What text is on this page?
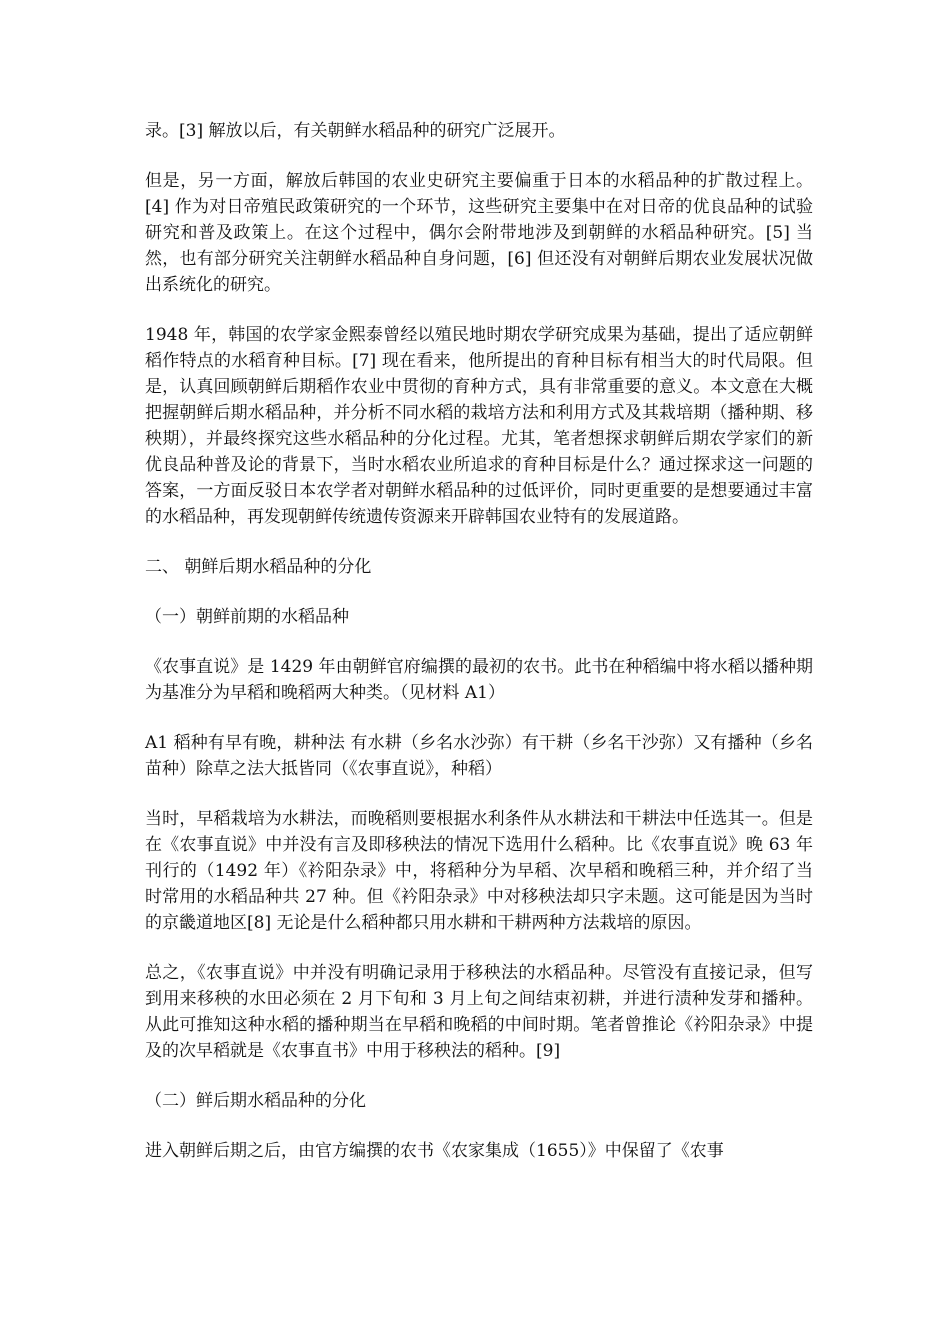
录。[3] 解放以后，有关朝鲜水稻品种的研究广泛展开。

但是，另一方面，解放后韩国的农业史研究主要偏重于日本的水稻品种的扩散过程上。[4] 作为对日帝殖民政策研究的一个环节，这些研究主要集中在对日帝的优良品种的试验研究和普及政策上。在这个过程中，偶尔会附带地涉及到朝鲜的水稻品种研究。[5] 当然，也有部分研究关注朝鲜水稻品种自身问题，[6] 但还没有对朝鲜后期农业发展状况做出系统化的研究。

1948 年，韩国的农学家金熙泰曾经以殖民地时期农学研究成果为基础，提出了适应朝鲜稻作特点的水稻育种目标。[7] 现在看来，他所提出的育种目标有相当大的时代局限。但是，认真回顾朝鲜后期稻作农业中贯彻的育种方式，具有非常重要的意义。本文意在大概把握朝鲜后期水稻品种，并分析不同水稻的栽培方法和利用方式及其栽培期（播种期、移秧期），并最终探究这些水稻品种的分化过程。尤其，笔者想探求朝鲜后期农学家们的新优良品种普及论的背景下，当时水稻农业所追求的育种目标是什么？通过探求这一问题的答案，一方面反驳日本农学者对朝鲜水稻品种的过低评价，同时更重要的是想要通过丰富的水稻品种，再发现朝鲜传统遗传资源来开辟韩国农业特有的发展道路。

二、 朝鲜后期水稻品种的分化

（一）朝鲜前期的水稻品种

《农事直说》是 1429 年由朝鲜官府编撰的最初的农书。此书在种稻编中将水稻以播种期为基准分为早稻和晚稻两大种类。（见材料 A1）

A1 稻种有早有晚，耕种法 有水耕（乡名水沙弥）有干耕（乡名干沙弥）又有播种（乡名苗种）除草之法大抵皆同（《农事直说》，种稻）

当时，早稻栽培为水耕法，而晚稻则要根据水利条件从水耕法和干耕法中任选其一。但是在《农事直说》中并没有言及即移秧法的情况下选用什么稻种。比《农事直说》晚 63 年刊行的（1492 年）《衿阳杂录》中，将稻种分为早稻、次早稻和晚稻三种，并介绍了当时常用的水稻品种共 27 种。但《衿阳杂录》中对移秧法却只字未题。这可能是因为当时的京畿道地区[8] 无论是什么稻种都只用水耕和干耕两种方法栽培的原因。

总之，《农事直说》中并没有明确记录用于移秧法的水稻品种。尽管没有直接记录，但写到用来移秧的水田必须在 2 月下旬和 3 月上旬之间结束初耕，并进行渍种发芽和播种。从此可推知这种水稻的播种期当在早稻和晚稻的中间时期。笔者曾推论《衿阳杂录》中提及的次早稻就是《农事直书》中用于移秧法的稻种。[9]

（二）鲜后期水稻品种的分化

进入朝鲜后期之后，由官方编撰的农书《农家集成（1655）》中保留了《农事
